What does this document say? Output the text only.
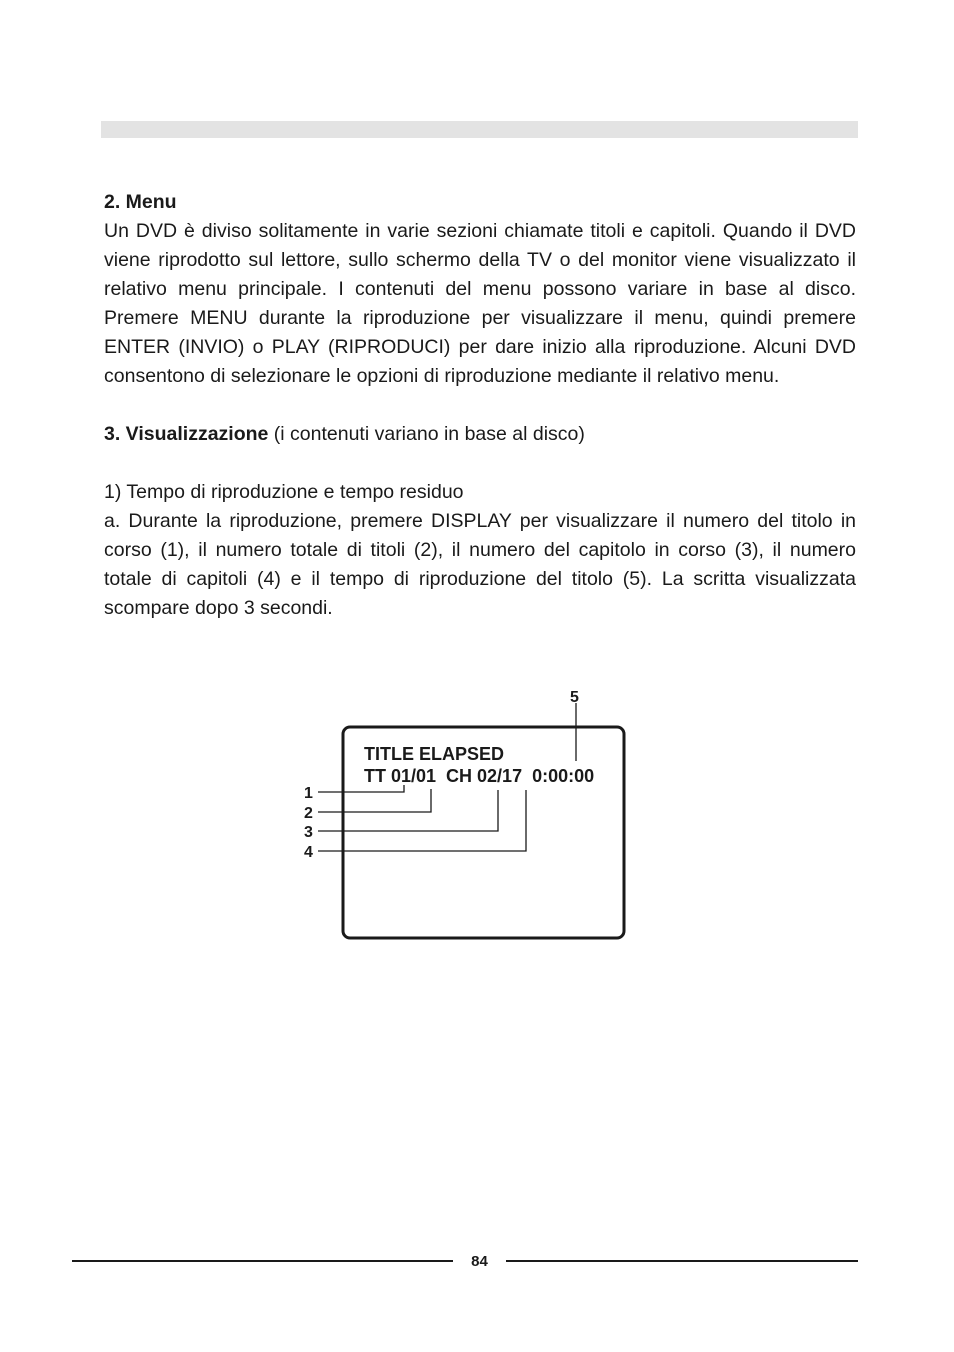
2. Menu

Un DVD è diviso solitamente in varie sezioni chiamate titoli e capitoli. Quando il DVD viene riprodotto sul lettore, sullo schermo della TV o del monitor viene visualizzato il relativo menu principale. I contenuti del menu possono variare in base al disco. Premere MENU durante la riproduzione per visualizzare il menu, quindi premere ENTER (INVIO) o PLAY (RIPRODUCI) per dare inizio alla riproduzione. Alcuni DVD consentono di selezionare le opzioni di riproduzione mediante il relativo menu.

3. Visualizzazione (i contenuti variano in base al disco)

1) Tempo di riproduzione e tempo residuo

a. Durante la riproduzione, premere DISPLAY per visualizzare il numero del titolo in corso (1), il numero totale di titoli (2), il numero del capitolo in corso (3), il numero totale di capitoli (4) e il tempo di riproduzione del titolo (5). La scritta visualizzata scompare dopo 3 secondi.

TITLE ELAPSED
TT 01/01  CH 02/17  0:00:00
1
2
3
4
5
84
